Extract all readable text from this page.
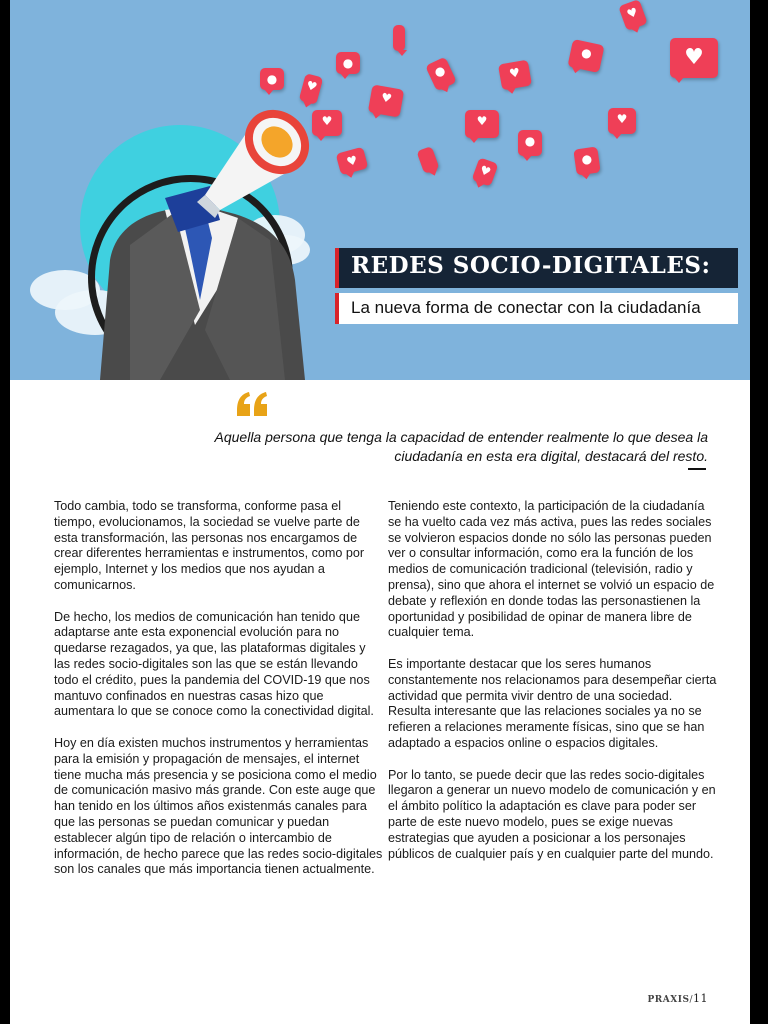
●	♥
●
♥
♥
♥
●
♥
♥
♥
●
●
●
♥
♥
♥
REDES SOCIO-DIGITALES:
La nueva forma de conectar con la ciudadanía
Aquella persona que tenga la capacidad de entender realmente lo que desea la ciudadanía en esta era digital, destacará del resto.

Todo cambia, todo se transforma, conforme pasa el tiempo, evolucionamos, la sociedad se vuelve parte de esta transformación, las personas nos encargamos de crear diferentes herramientas e instrumentos, como por ejemplo, Internet y los medios que nos ayudan a comunicarnos.

De hecho, los medios de comunicación han tenido que adaptarse ante esta exponencial evolución para no quedarse rezagados, ya que, las plataformas digitales y las redes socio-digitales son las que se están llevando todo el crédito, pues la pandemia del COVID-19 que nos mantuvo confinados en nuestras casas hizo que aumentara lo que se conoce como la conectividad digital.

Hoy en día existen muchos instrumentos y herramientas para la emisión y propagación de mensajes, el internet tiene mucha más presencia y se posiciona como el medio de comunicación masivo más grande. Con este auge que han tenido en los últimos años existenmás canales para que las personas se puedan comunicar y puedan establecer algún tipo de relación o intercambio de información, de hecho parece que las redes socio-digitales son los canales que más importancia tienen actualmente.

Teniendo este contexto, la participación de la ciudadanía se ha vuelto cada vez más activa, pues las redes sociales se volvieron espacios donde no sólo las personas pueden ver o consultar información, como era la función de los medios de comunicación tradicional (televisión, radio y prensa), sino que ahora el internet se volvió un espacio de debate y reflexión en donde todas las personastienen la oportunidad y posibilidad de opinar de manera libre de cualquier tema.

Es importante destacar que los seres humanos constantemente nos relacionamos para desempeñar cierta actividad que permita vivir dentro de una sociedad. Resulta interesante que las relaciones sociales ya no se refieren a relaciones meramente físicas, sino que se han adaptado a espacios online o espacios digitales.

Por lo tanto, se puede decir que las redes socio-digitales llegaron a generar un nuevo modelo de comunicación y en el ámbito político la adaptación es clave para poder ser parte de este nuevo modelo, pues se exige nuevas estrategias que ayuden a posicionar a los personajes públicos de cualquier país y en cualquier parte del mundo.

PRAXIS/11
